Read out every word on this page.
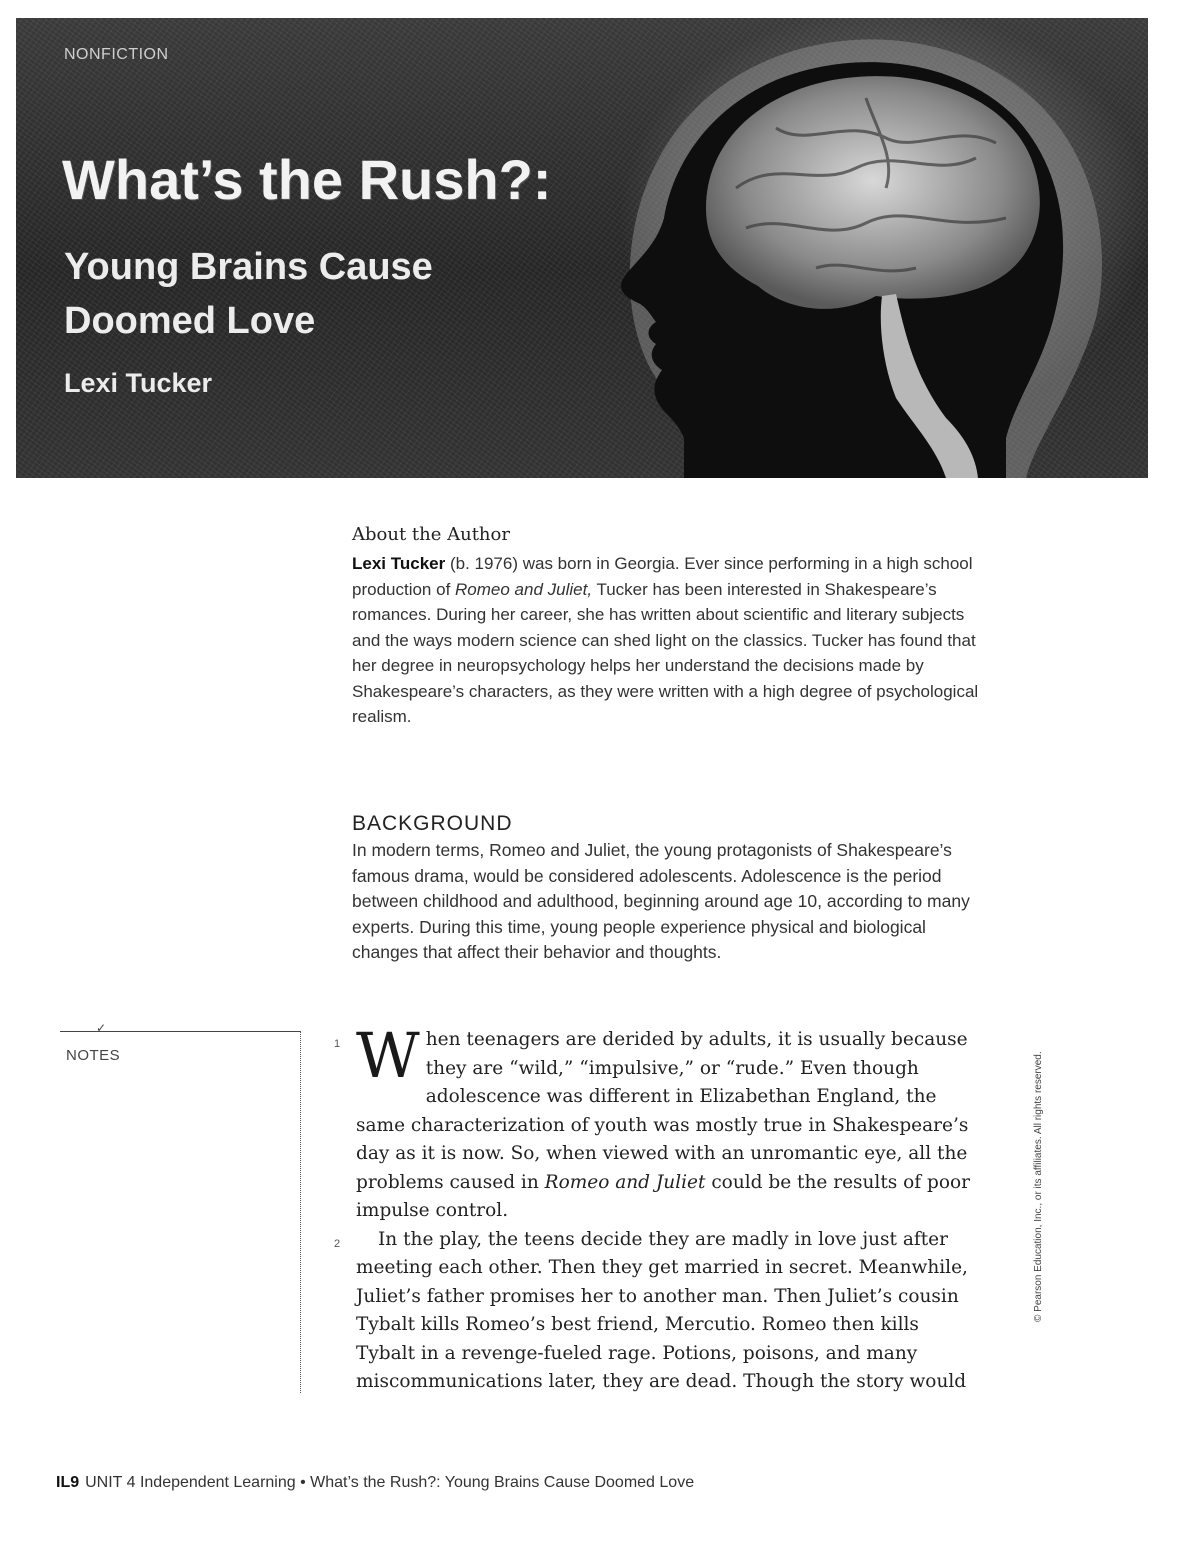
NONFICTION
What’s the Rush?:
Young Brains Cause Doomed Love
Lexi Tucker
About the Author

Lexi Tucker (b. 1976) was born in Georgia. Ever since performing in a high school production of Romeo and Juliet, Tucker has been interested in Shakespeare’s romances. During her career, she has written about scientific and literary subjects and the ways modern science can shed light on the classics. Tucker has found that her degree in neuropsychology helps her understand the decisions made by Shakespeare’s characters, as they were written with a high degree of psychological realism.

BACKGROUND

In modern terms, Romeo and Juliet, the young protagonists of Shakespeare’s famous drama, would be considered adolescents. Adolescence is the period between childhood and adulthood, beginning around age 10, according to many experts. During this time, young people experience physical and biological changes that affect their behavior and thoughts.

✓
NOTES

1 W hen teenagers are derided by adults, it is usually because they are “wild,” “impulsive,” or “rude.” Even though adolescence was different in Elizabethan England, the same characterization of youth was mostly true in Shakespeare’s day as it is now. So, when viewed with an unromantic eye, all the problems caused in Romeo and Juliet could be the results of poor impulse control.

2 In the play, the teens decide they are madly in love just after meeting each other. Then they get married in secret. Meanwhile, Juliet’s father promises her to another man. Then Juliet’s cousin Tybalt kills Romeo’s best friend, Mercutio. Romeo then kills Tybalt in a revenge-fueled rage. Potions, poisons, and many miscommunications later, they are dead. Though the story would

© Pearson Education, Inc., or its affiliates. All rights reserved.
IL9 UNIT 4 Independent Learning • What’s the Rush?: Young Brains Cause Doomed Love
